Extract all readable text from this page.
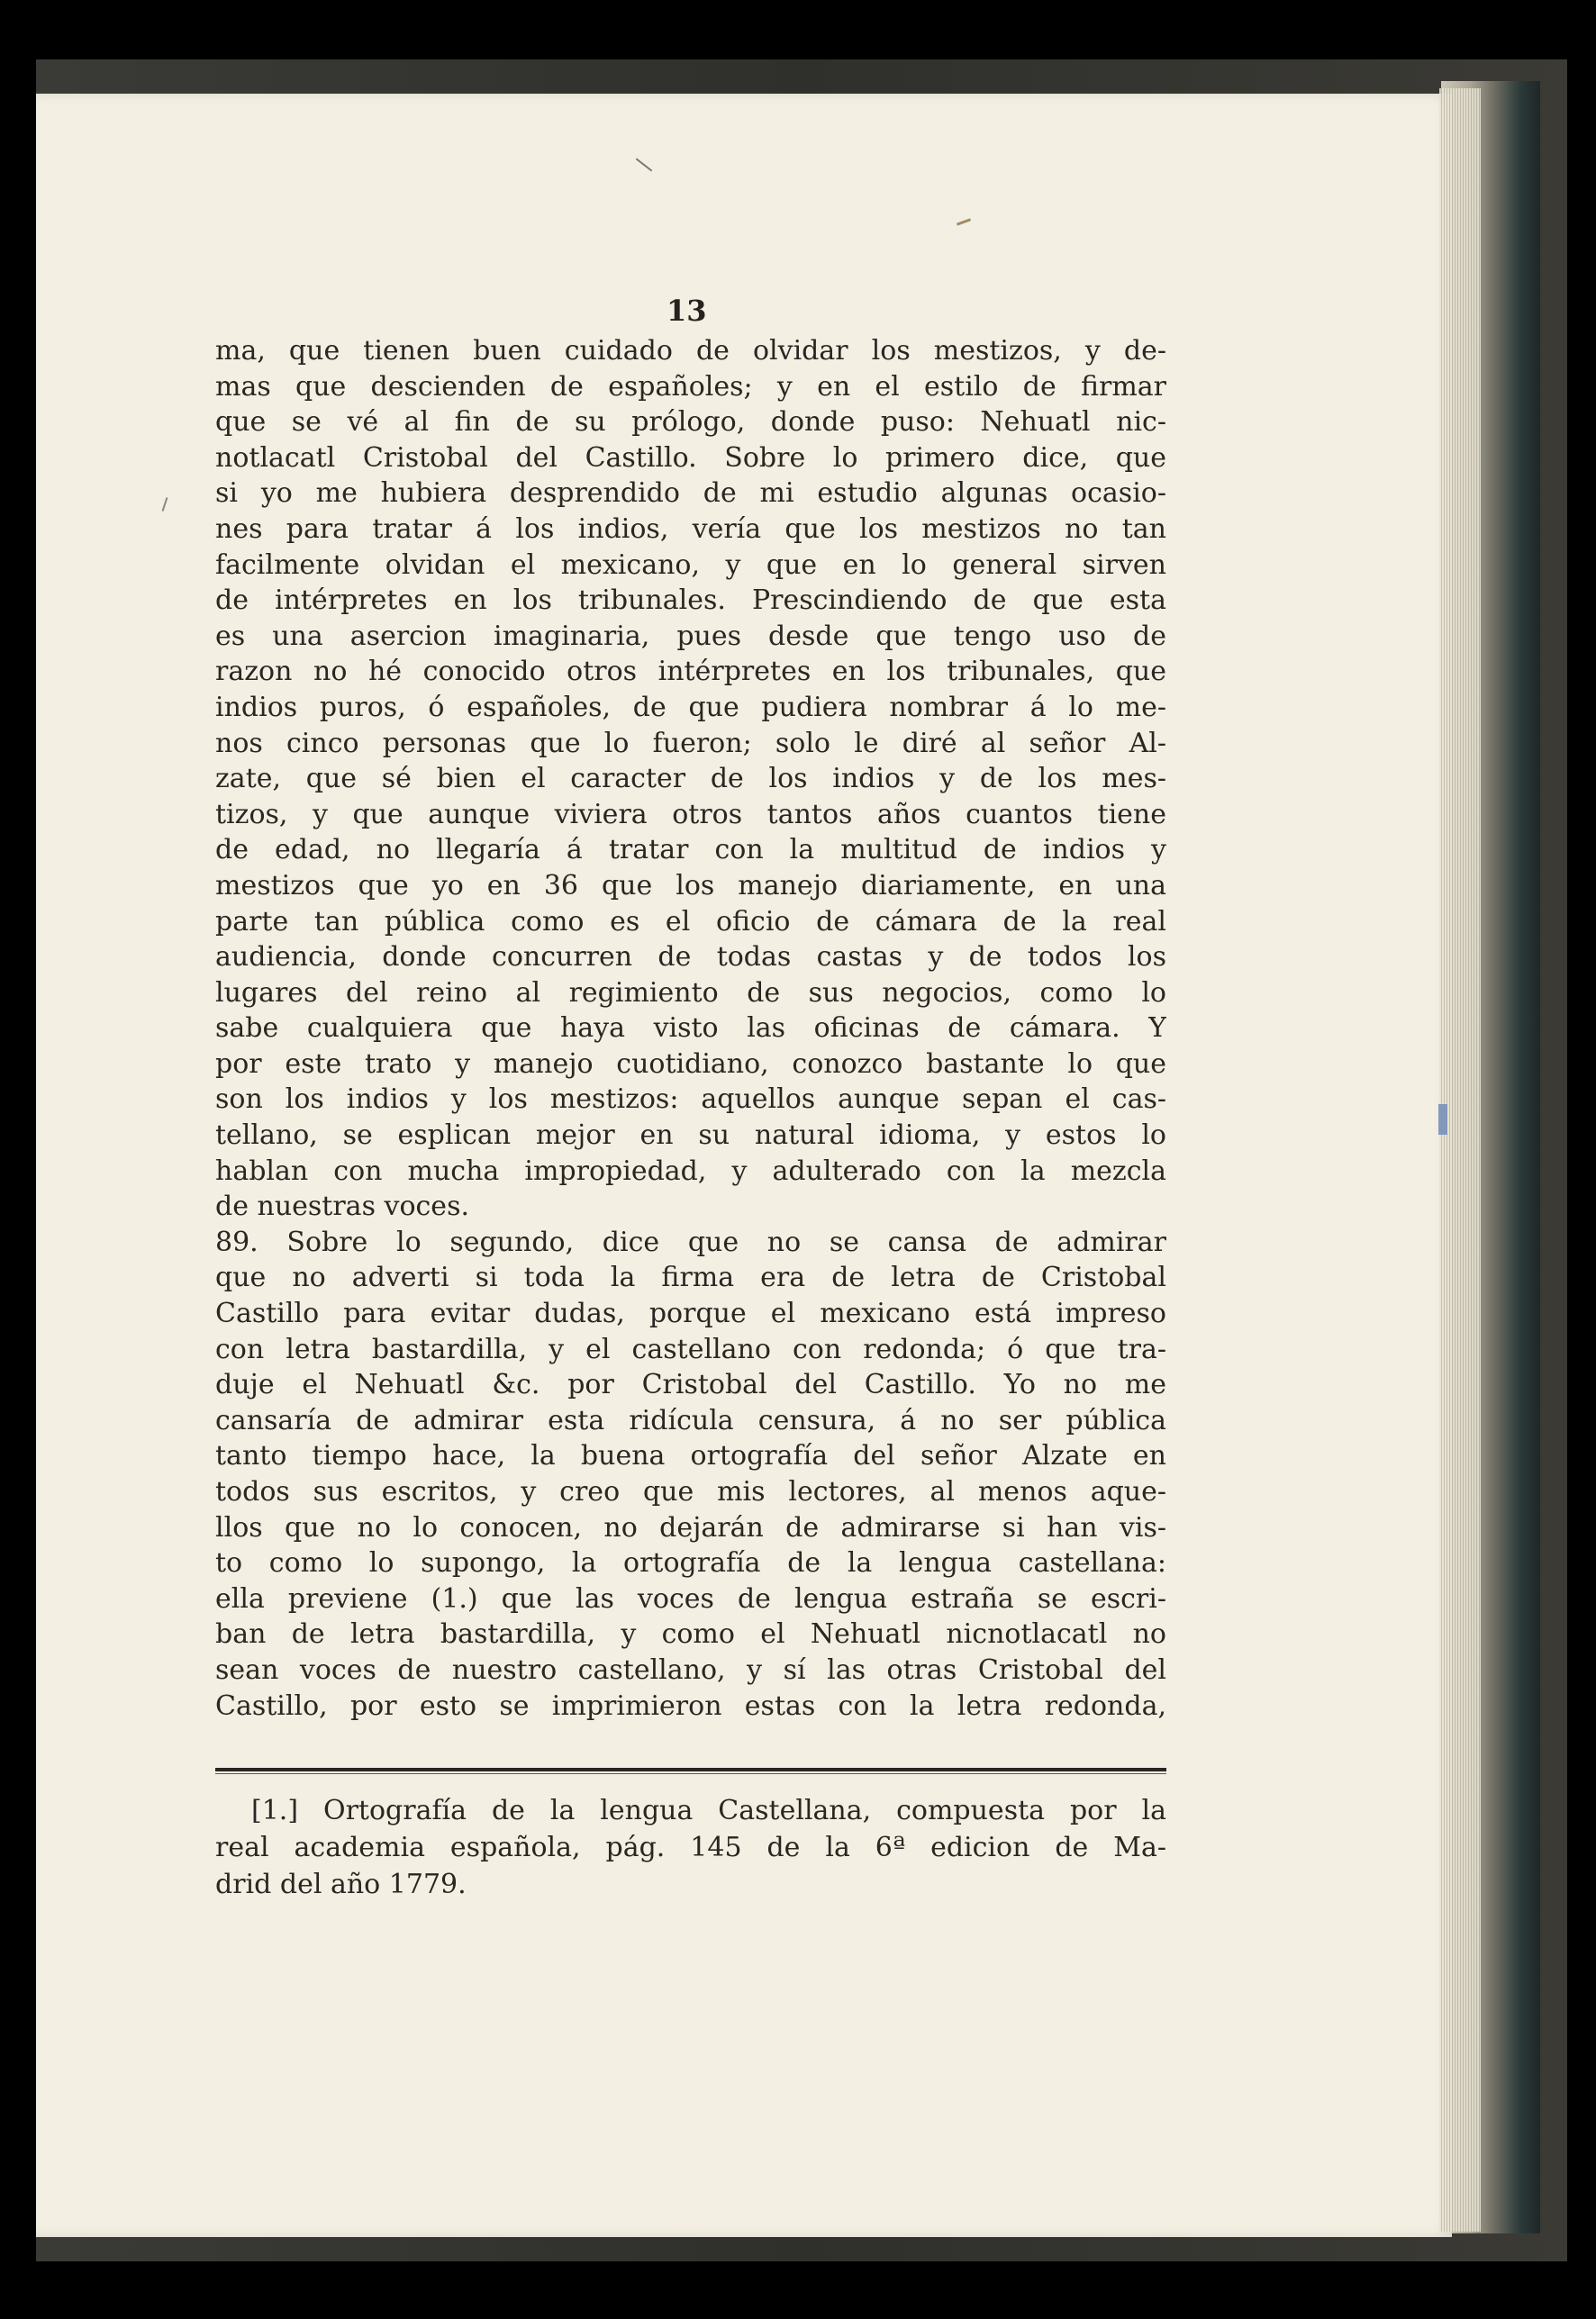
13
ma, que tienen buen cuidado de olvidar los mestizos, y de-
mas que descienden de españoles; y en el estilo de firmar
que se vé al fin de su prólogo, donde puso: Nehuatl nic-
notlacatl Cristobal del Castillo. Sobre lo primero dice, que
si yo me hubiera desprendido de mi estudio algunas ocasio-
nes para tratar á los indios, vería que los mestizos no tan
facilmente olvidan el mexicano, y que en lo general sirven
de intérpretes en los tribunales. Prescindiendo de que esta
es una asercion imaginaria, pues desde que tengo uso de
razon no hé conocido otros intérpretes en los tribunales, que
indios puros, ó españoles, de que pudiera nombrar á lo me-
nos cinco personas que lo fueron; solo le diré al señor Al-
zate, que sé bien el caracter de los indios y de los mes-
tizos, y que aunque viviera otros tantos años cuantos tiene
de edad, no llegaría á tratar con la multitud de indios y
mestizos que yo en 36 que los manejo diariamente, en una
parte tan pública como es el oficio de cámara de la real
audiencia, donde concurren de todas castas y de todos los
lugares del reino al regimiento de sus negocios, como lo
sabe cualquiera que haya visto las oficinas de cámara. Y
por este trato y manejo cuotidiano, conozco bastante lo que
son los indios y los mestizos: aquellos aunque sepan el cas-
tellano, se esplican mejor en su natural idioma, y estos lo
hablan con mucha impropiedad, y adulterado con la mezcla
de nuestras voces.
89. Sobre lo segundo, dice que no se cansa de admirar
que no adverti si toda la firma era de letra de Cristobal
Castillo para evitar dudas, porque el mexicano está impreso
con letra bastardilla, y el castellano con redonda; ó que tra-
duje el Nehuatl &c. por Cristobal del Castillo. Yo no me
cansaría de admirar esta ridícula censura, á no ser pública
tanto tiempo hace, la buena ortografía del señor Alzate en
todos sus escritos, y creo que mis lectores, al menos aque-
llos que no lo conocen, no dejarán de admirarse si han vis-
to como lo supongo, la ortografía de la lengua castellana:
ella previene (1.) que las voces de lengua estraña se escri-
ban de letra bastardilla, y como el Nehuatl nicnotlacatl no
sean voces de nuestro castellano, y sí las otras Cristobal del
Castillo, por esto se imprimieron estas con la letra redonda,
[1.] Ortografía de la lengua Castellana, compuesta por la
real academia española, pág. 145 de la 6ª edicion de Ma-
drid del año 1779.
